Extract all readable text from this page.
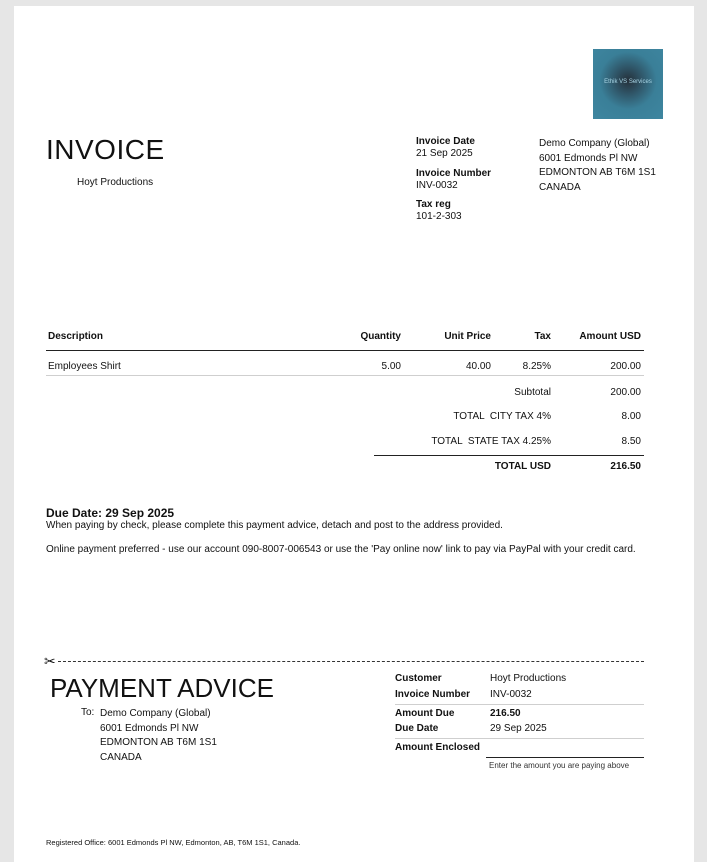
Ethik VS Services
INVOICE
Hoyt Productions
Invoice Date
21 Sep 2025
Invoice Number
INV-0032
Tax reg
101-2-303
Demo Company (Global)
6001 Edmonds Pl NW
EDMONTON AB T6M 1S1
CANADA
Description	Quantity	Unit Price	Tax	Amount USD
Employees Shirt	5.00	40.00	8.25%	200.00
Subtotal	200.00
TOTAL  CITY TAX 4%	8.00
TOTAL  STATE TAX 4.25%	8.50
TOTAL USD	216.50
Due Date: 29 Sep 2025
When paying by check, please complete this payment advice, detach and post to the address provided.
Online payment preferred - use our account 090-8007-006543 or use the 'Pay online now' link to pay via PayPal with your credit card.
✂
PAYMENT ADVICE
To: Demo Company (Global)
6001 Edmonds Pl NW
EDMONTON AB T6M 1S1
CANADA
Customer	Hoyt Productions
Invoice Number INV-0032
Amount Due	216.50
Due Date	29 Sep 2025
Amount Enclosed
Enter the amount you are paying above
Registered Office: 6001 Edmonds Pl NW, Edmonton, AB, T6M 1S1, Canada.
